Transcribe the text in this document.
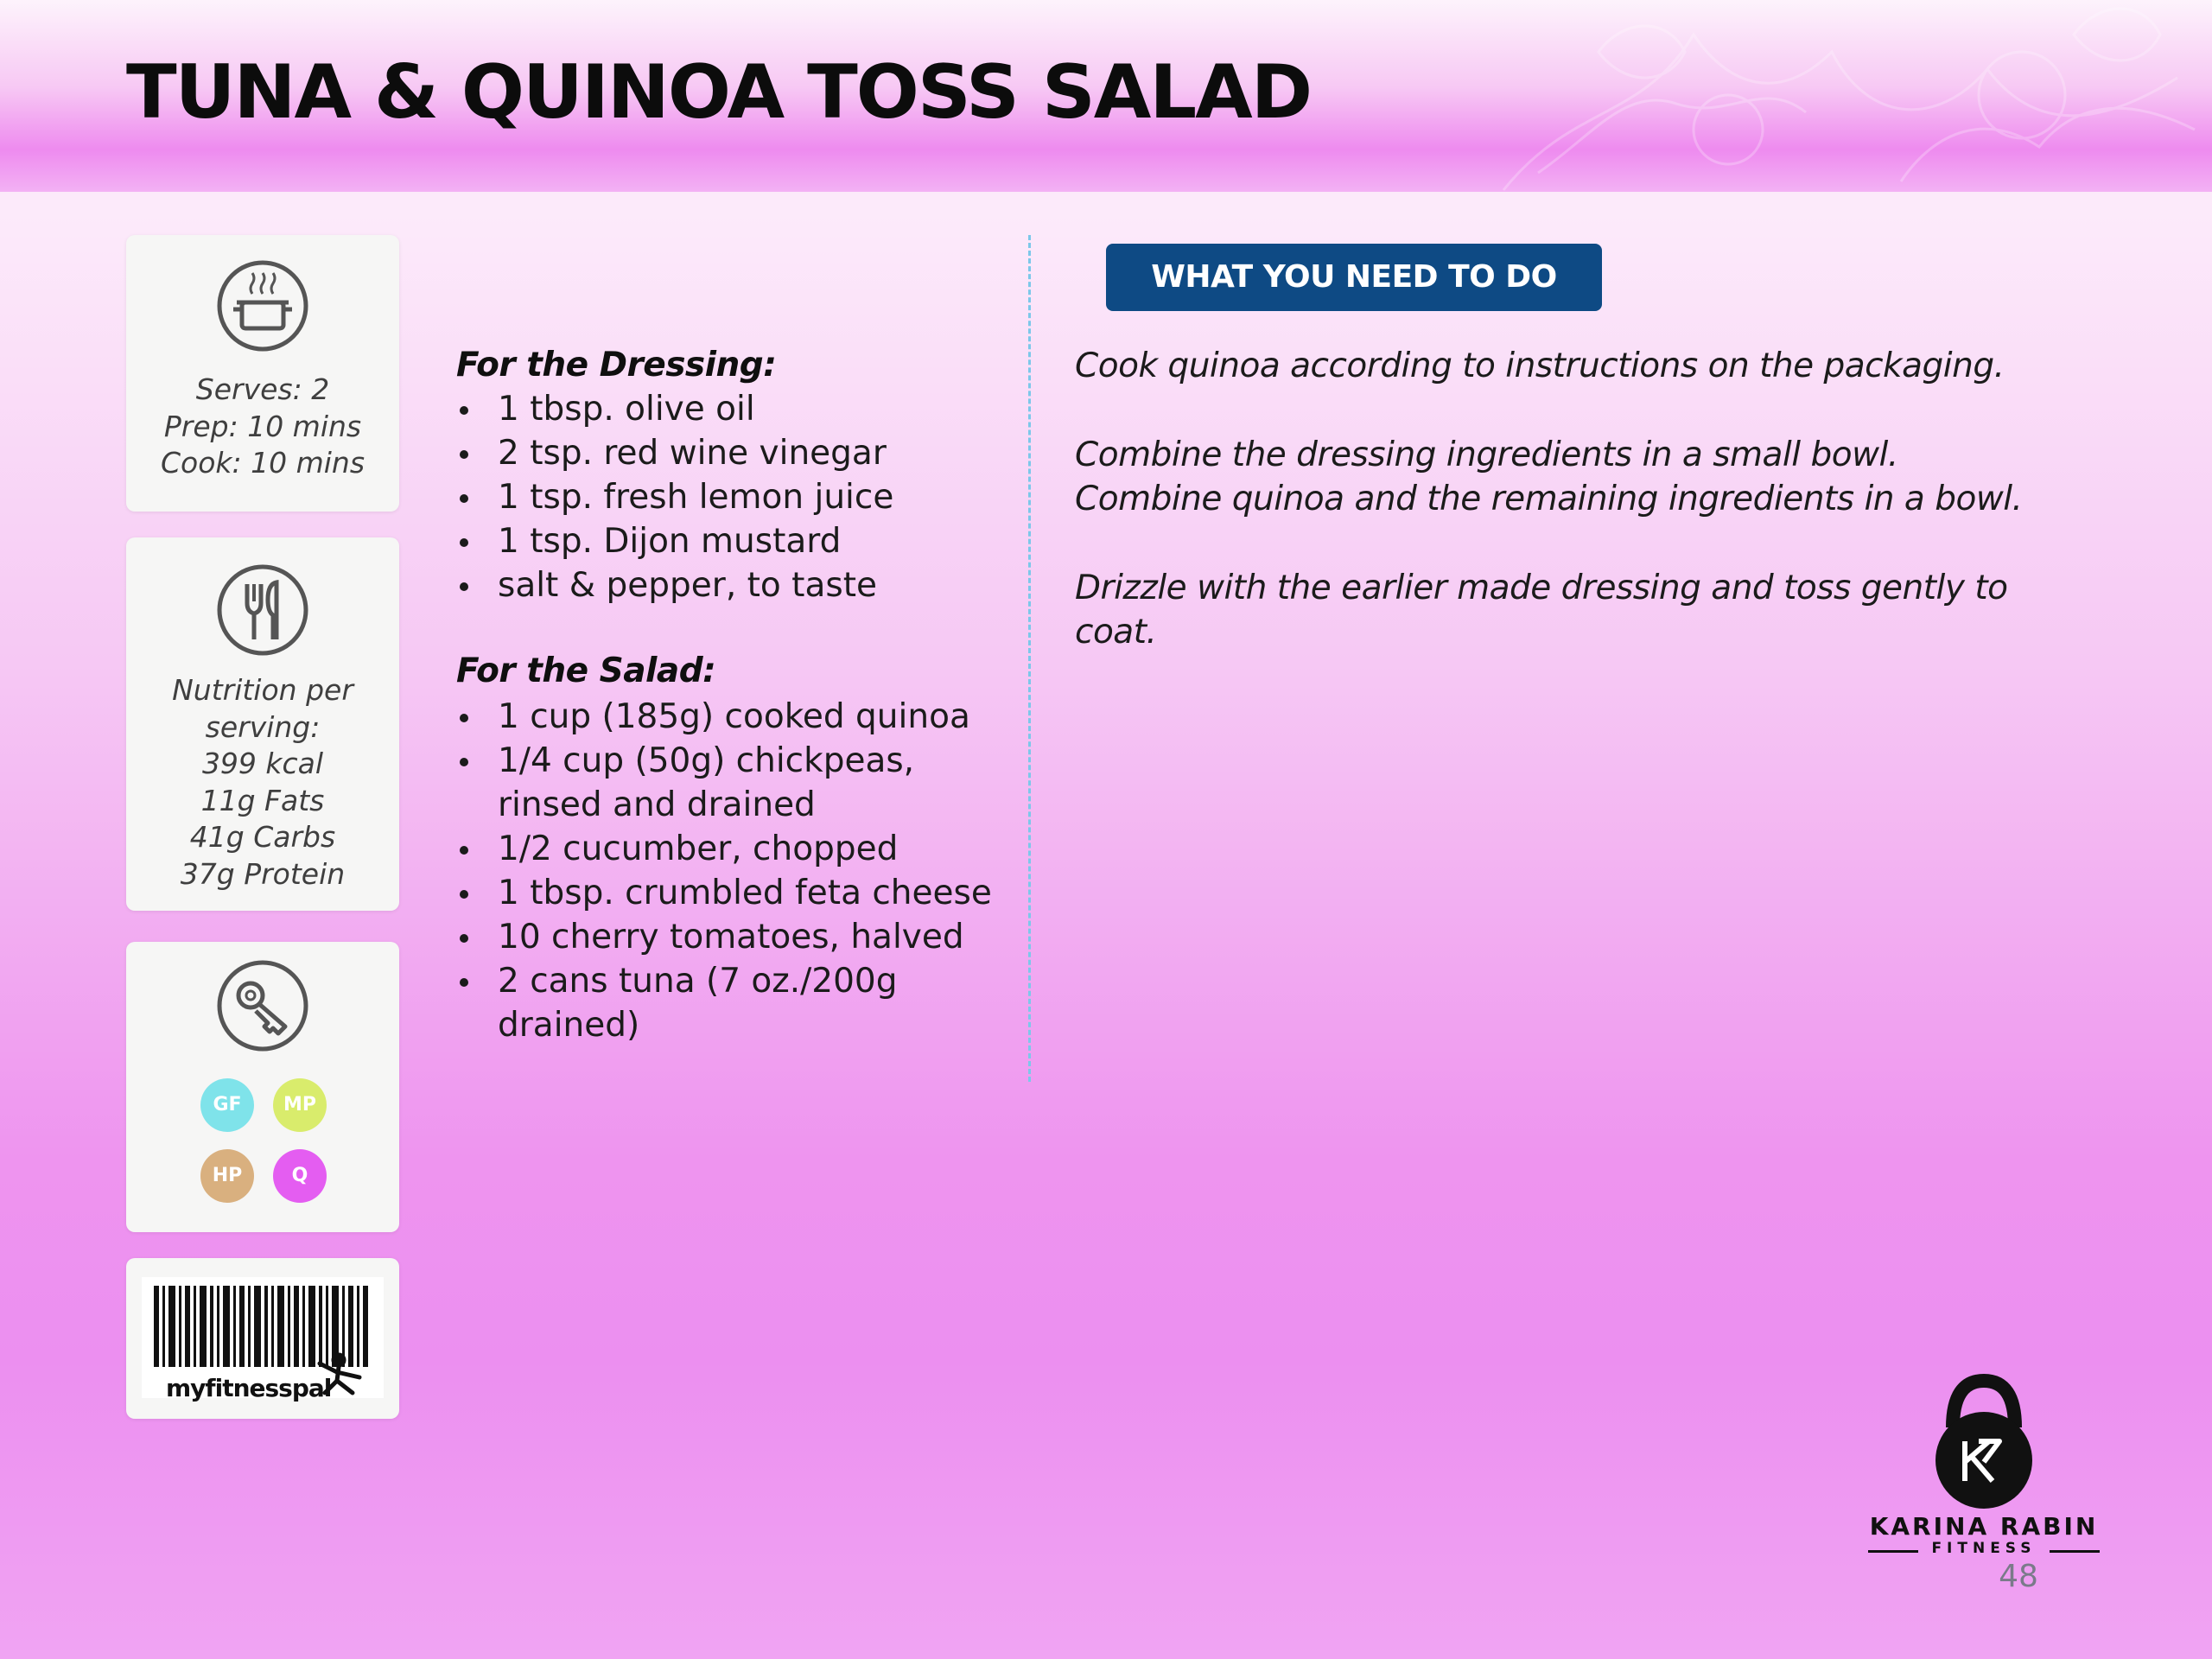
TUNA & QUINOA TOSS SALAD
Serves: 2
Prep: 10 mins
Cook: 10 mins
Nutrition per
serving:
399 kcal
11g Fats
41g Carbs
37g Protein
GF	MP
HP	Q
myfitnesspal
For the Dressing:
1 tbsp. olive oil
2 tsp. red wine vinegar
1 tsp. fresh lemon juice
1 tsp. Dijon mustard
salt & pepper, to taste
For the Salad:
1 cup (185g) cooked quinoa
1/4 cup (50g) chickpeas, rinsed and drained
1/2 cucumber, chopped
1 tbsp. crumbled feta cheese
10 cherry tomatoes, halved
2 cans tuna (7 oz./200g drained)
WHAT YOU NEED TO DO

Cook quinoa according to instructions on the packaging.

Combine the dressing ingredients in a small bowl.

Combine quinoa and the remaining ingredients in a bowl.

Drizzle with the earlier made dressing and toss gently to coat.

KARINA RABIN
FITNESS
48
